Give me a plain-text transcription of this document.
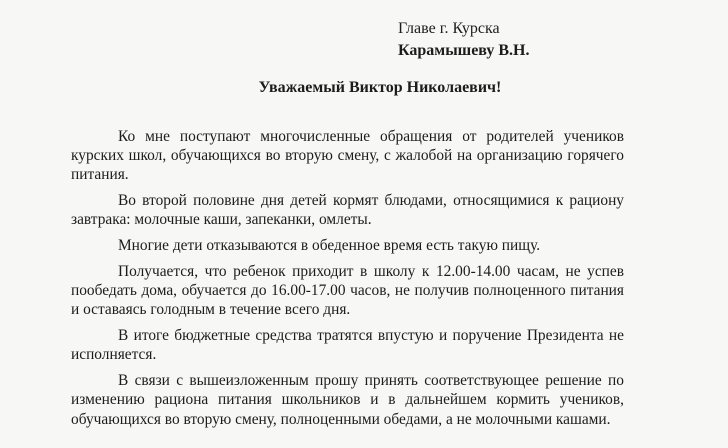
Главе г. Курска
Карамышеву В.Н.
Уважаемый Виктор Николаевич!

Ко мне поступают многочисленные обращения от родителей учеников курских школ, обучающихся во вторую смену, с жалобой на организацию горячего питания.

Во второй половине дня детей кормят блюдами, относящимися к рациону завтрака: молочные каши, запеканки, омлеты.

Многие дети отказываются в обеденное время есть такую пищу.

Получается, что ребенок приходит в школу к 12.00-14.00 часам, не успев пообедать дома, обучается до 16.00-17.00 часов, не получив полноценного питания и оставаясь голодным в течение всего дня.

В итоге бюджетные средства тратятся впустую и поручение Президента не исполняется.

В связи с вышеизложенным прошу принять соответствующее решение по изменению рациона питания школьников и в дальнейшем кормить учеников, обучающихся во вторую смену, полноценными обедами, а не молочными кашами.
